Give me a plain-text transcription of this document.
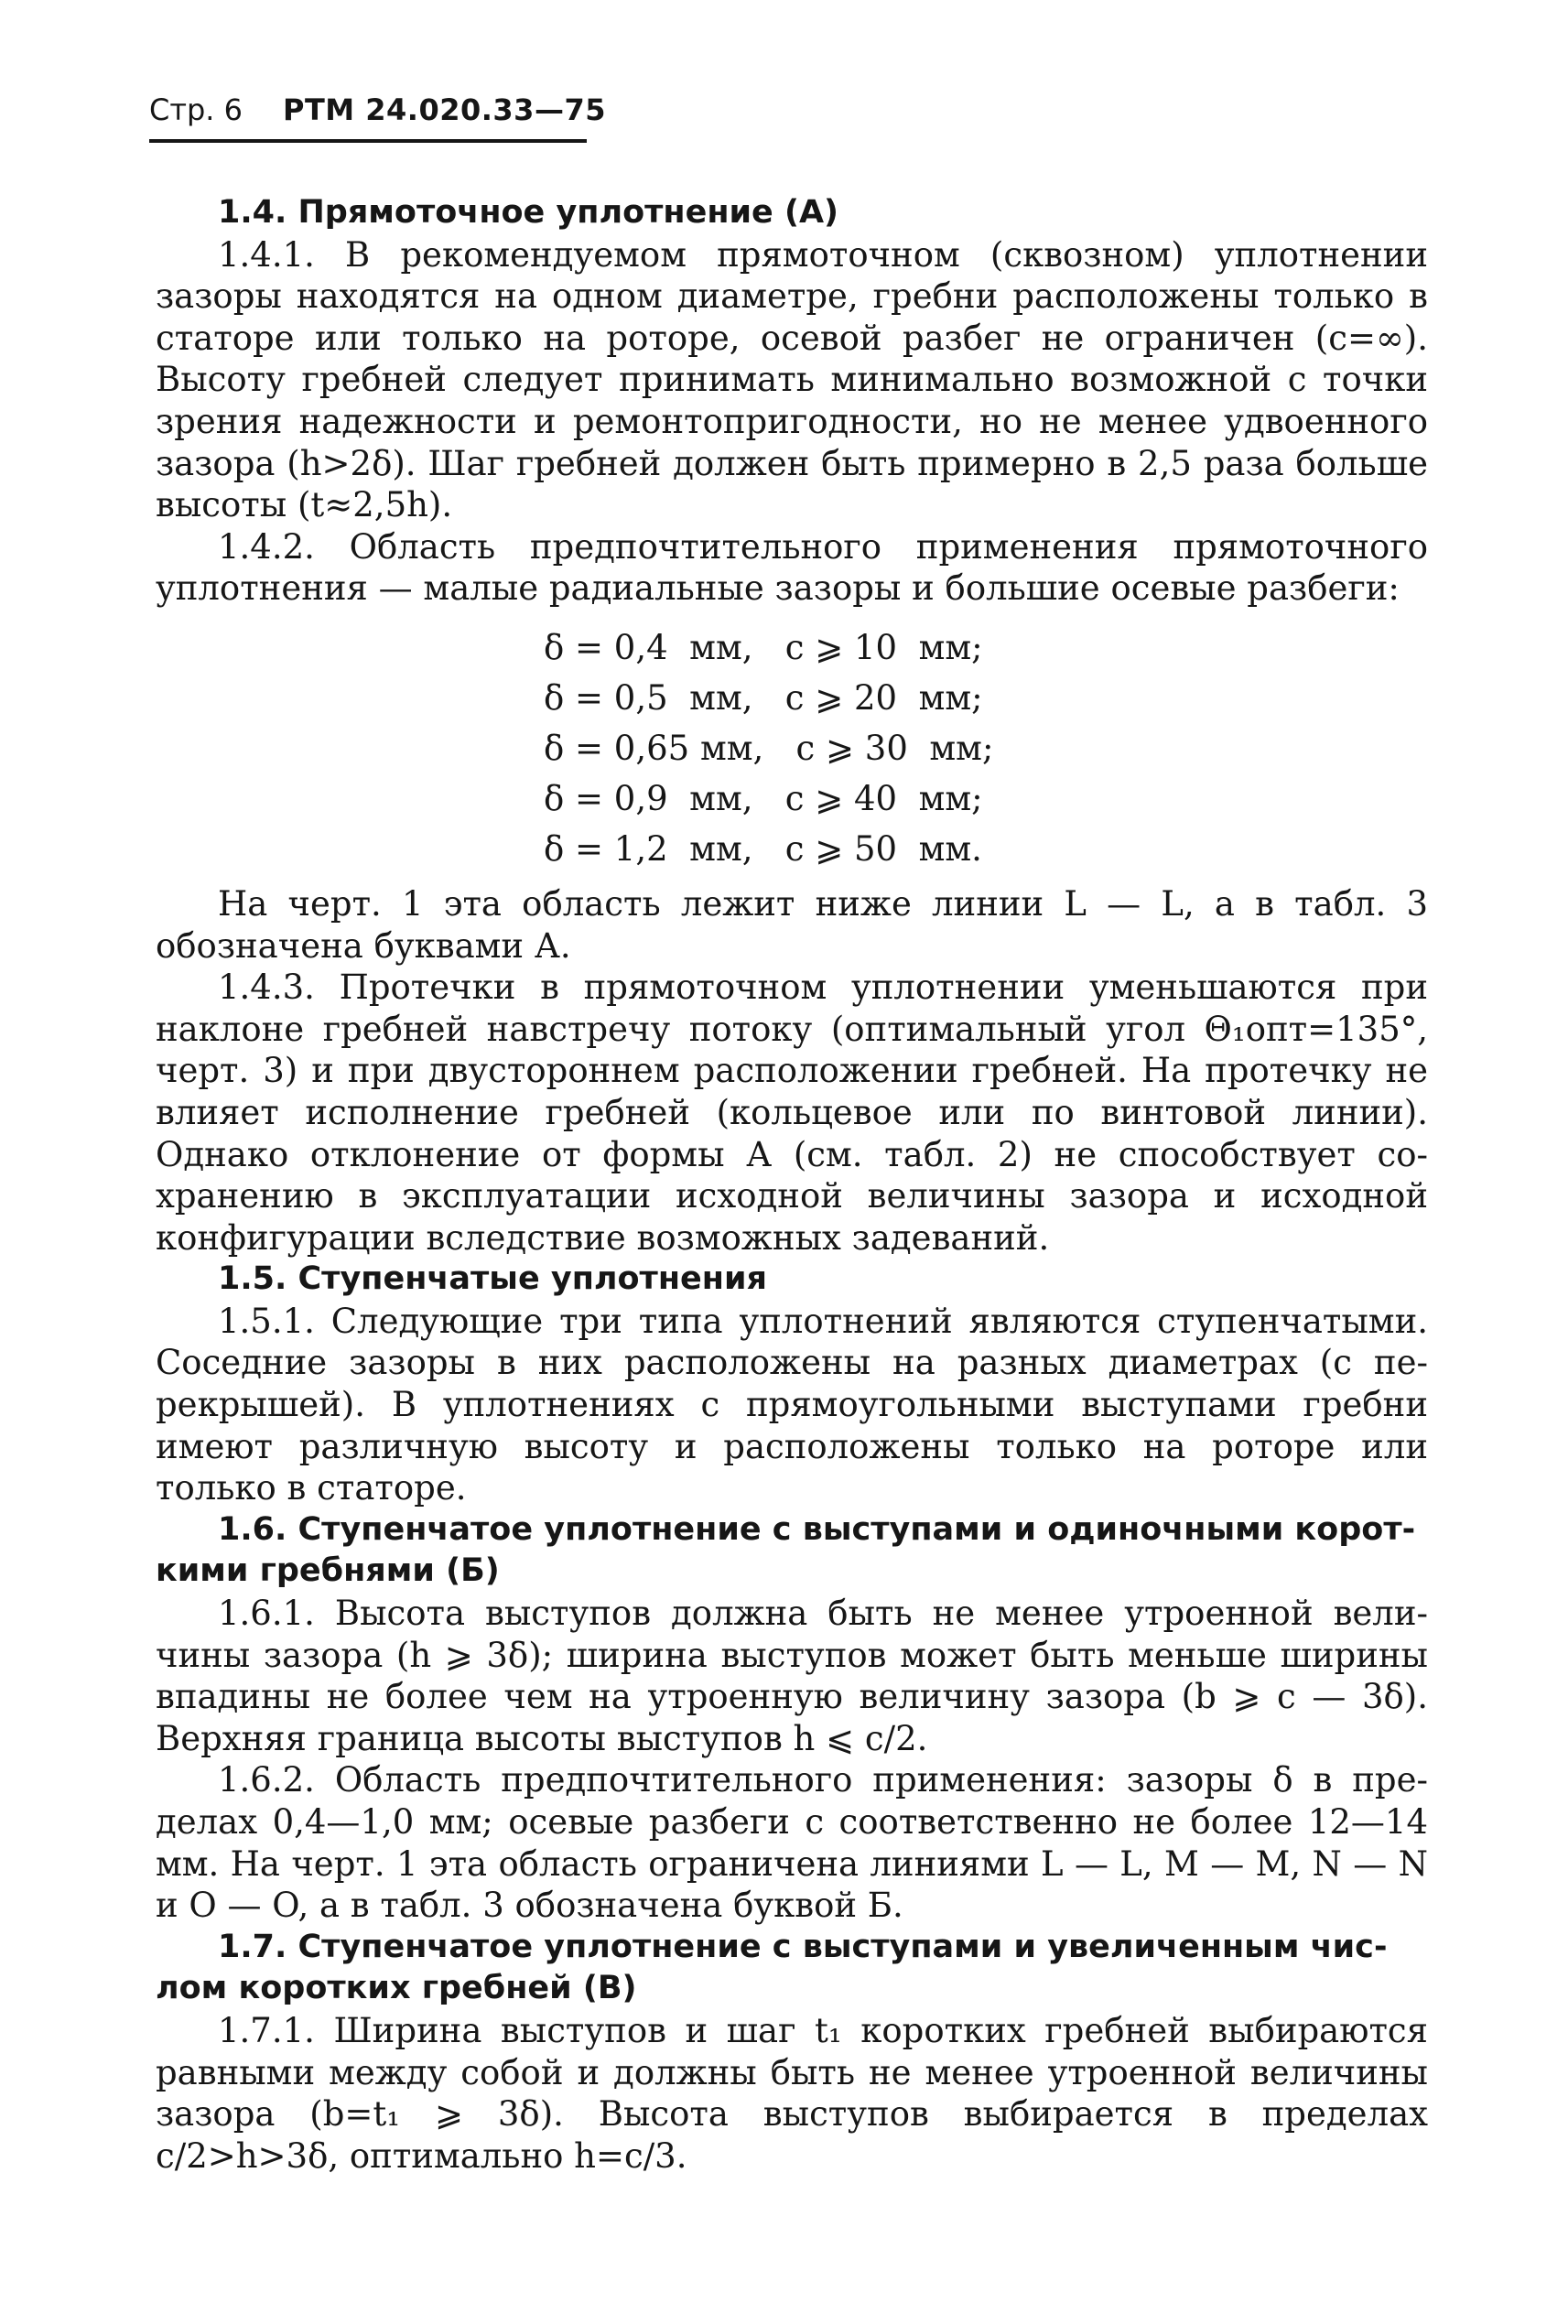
Стр. 6 РТМ 24.020.33—75
1.4. Прямоточное уплотнение (А)

1.4.1. В рекомендуемом прямоточном (сквозном) уплотнении зазоры находятся на одном диаметре, гребни расположены только в статоре или только на роторе, осевой разбег не ограничен (c=∞). Высоту гребней следует принимать минимально возможной с точки зрения надежности и ремонтопригодности, но не менее удвоенного зазора (h>2δ). Шаг гребней должен быть примерно в 2,5 раза больше высоты (t≈2,5h).

1.4.2. Область предпочтительного применения прямоточного уплотнения — малые радиальные зазоры и большие осевые разбеги:

δ = 0,4  мм,   c ⩾ 10  мм;
δ = 0,5  мм,   c ⩾ 20  мм;
δ = 0,65 мм,   c ⩾ 30  мм;
δ = 0,9  мм,   c ⩾ 40  мм;
δ = 1,2  мм,   c ⩾ 50  мм.

На черт. 1 эта область лежит ниже линии L — L, а в табл. 3 обозначена буквами А.

1.4.3. Протечки в прямоточном уплотнении уменьшаются при наклоне гребней навстречу потоку (оптимальный угол Θ₁опт=135°, черт. 3) и при двустороннем расположении гребней. На протечку не влияет исполнение гребней (кольцевое или по винтовой линии). Однако отклонение от формы А (см. табл. 2) не способствует сохранению в эксплуатации исходной величины зазора и исходной конфигурации вследствие возможных задеваний.

1.5. Ступенчатые уплотнения

1.5.1. Следующие три типа уплотнений являются ступенчатыми. Соседние зазоры в них расположены на разных диаметрах (с перекрышей). В уплотнениях с прямоугольными выступами гребни имеют различную высоту и расположены только на роторе или только в статоре.

1.6. Ступенчатое уплотнение с выступами и одиночными короткими гребнями (Б)

1.6.1. Высота выступов должна быть не менее утроенной величины зазора (h ⩾ 3δ); ширина выступов может быть меньше ширины впадины не более чем на утроенную величину зазора (b ⩾ c — 3δ). Верхняя граница высоты выступов h ⩽ c/2.

1.6.2. Область предпочтительного применения: зазоры δ в пределах 0,4—1,0 мм; осевые разбеги c соответственно не более 12—14 мм. На черт. 1 эта область ограничена линиями L — L, M — M, N — N и O — O, а в табл. 3 обозначена буквой Б.

1.7. Ступенчатое уплотнение с выступами и увеличенным числом коротких гребней (В)

1.7.1. Ширина выступов и шаг t₁ коротких гребней выбираются равными между собой и должны быть не менее утроенной величины зазора (b=t₁ ⩾ 3δ). Высота выступов выбирается в пределах c/2>h>3δ, оптимально h=c/3.
